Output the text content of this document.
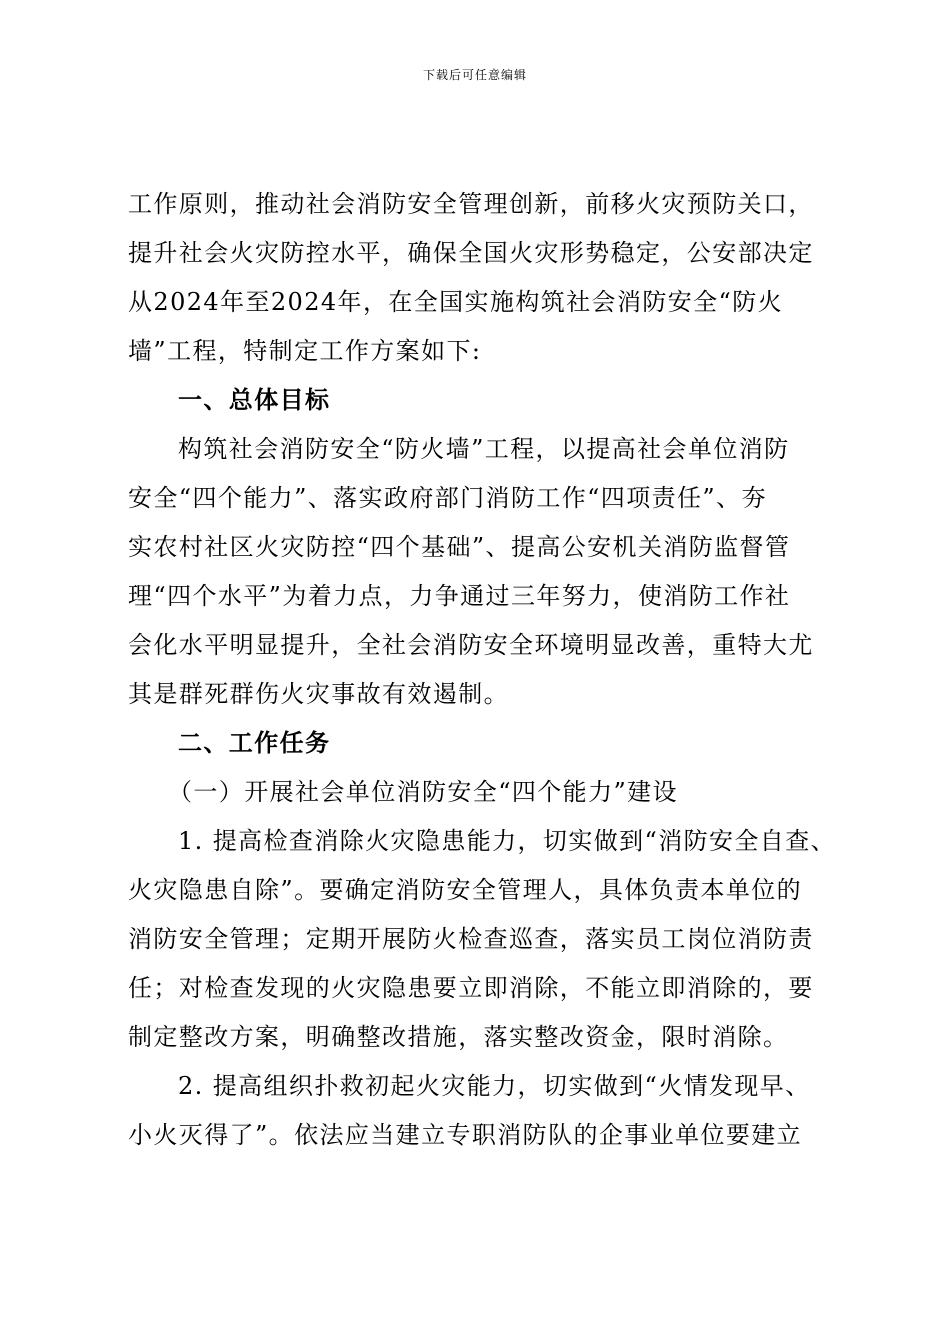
下载后可任意编辑
工作原则，推动社会消防安全管理创新，前移火灾预防关口，
提升社会火灾防控水平，确保全国火灾形势稳定，公安部决定
从2024年至2024年，在全国实施构筑社会消防安全“防火
墙”工程，特制定工作方案如下:
一、总体目标
构筑社会消防安全“防火墙”工程，以提高社会单位消防
安全“四个能力”、落实政府部门消防工作“四项责任”、夯
实农村社区火灾防控“四个基础”、提高公安机关消防监督管
理“四个水平”为着力点，力争通过三年努力，使消防工作社
会化水平明显提升，全社会消防安全环境明显改善，重特大尤
其是群死群伤火灾事故有效遏制。
二、工作任务
（一）开展社会单位消防安全“四个能力”建设
1. 提高检查消除火灾隐患能力，切实做到“消防安全自查、
火灾隐患自除”。要确定消防安全管理人，具体负责本单位的
消防安全管理；定期开展防火检查巡查，落实员工岗位消防责
任；对检查发现的火灾隐患要立即消除，不能立即消除的，要
制定整改方案，明确整改措施，落实整改资金，限时消除。
2. 提高组织扑救初起火灾能力，切实做到“火情发现早、
小火灭得了”。依法应当建立专职消防队的企事业单位要建立
